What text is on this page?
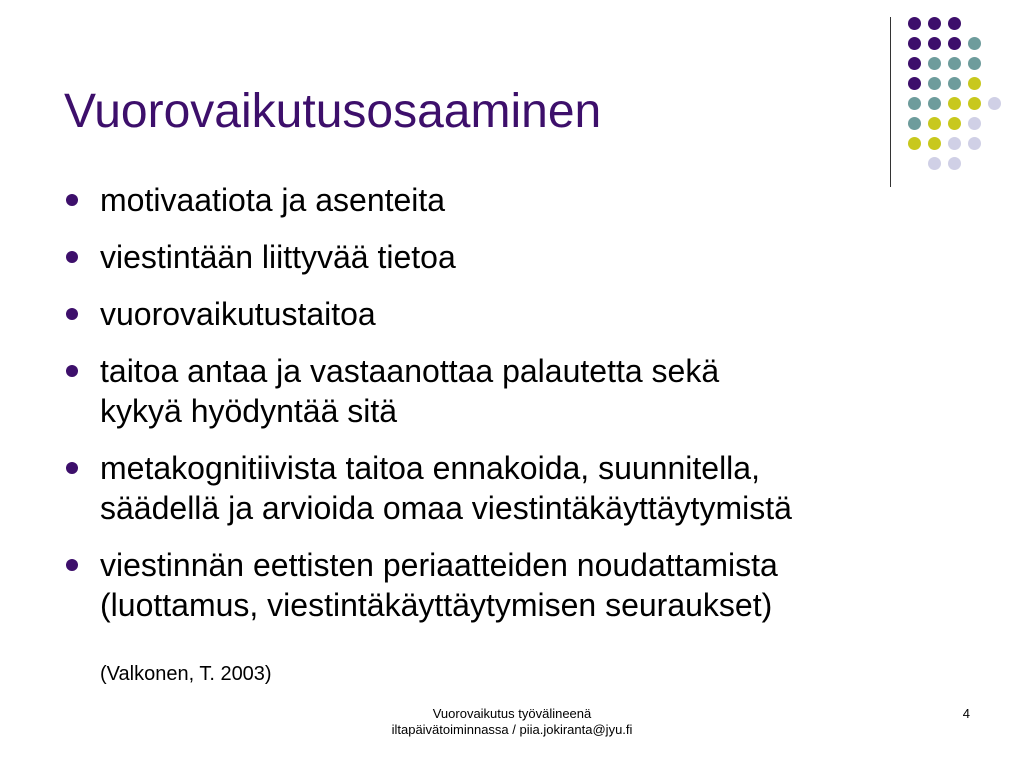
Vuorovaikutusosaaminen
motivaatiota ja asenteita
viestintään liittyvää tietoa
vuorovaikutustaitoa
taitoa antaa ja vastaanottaa palautetta sekä
kykyä hyödyntää sitä
metakognitiivista taitoa ennakoida, suunnitella,
säädellä ja arvioida omaa viestintäkäyttäytymistä
viestinnän eettisten periaatteiden noudattamista
(luottamus, viestintäkäyttäytymisen seuraukset)
(Valkonen, T. 2003)
Vuorovaikutus työvälineenä
iltapäivätoiminnassa / piia.jokiranta@jyu.fi
4
